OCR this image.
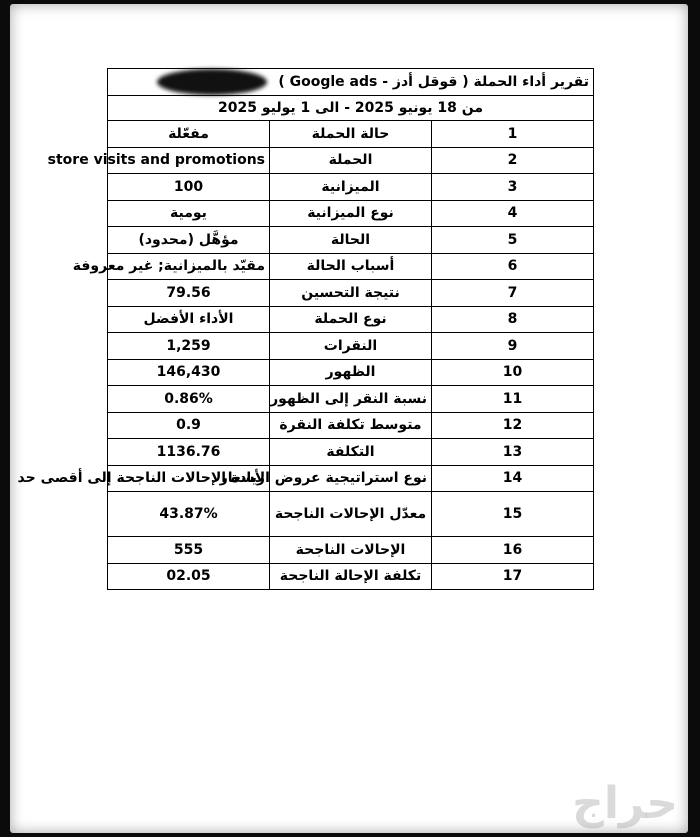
تقرير أداء الحملة ( قوقل أدز - Google ads )		
من 18 يونيو 2025 - الى 1 يوليو 2025		
1	حالة الحملة	مفعّلة
2	الحملة	store visits and promotions
3	الميزانية	100
4	نوع الميزانية	يومية
5	الحالة	مؤهَّل (محدود)
6	أسباب الحالة	مقيّد بالميزانية; غير معروفة
7	نتيجة التحسين	79.56
8	نوع الحملة	الأداء الأفضل
9	النقرات	1,259
10	الظهور	146,430
11	نسبة النقر إلى الظهور	0.86%
12	متوسط تكلفة النقرة	0.9
13	التكلفة	1136.76
14	نوع استراتيجية عروض الأسعار	زيادة الإحالات الناجحة إلى أقصى حد
15	معدّل الإحالات الناجحة	43.87%
16	الإحالات الناجحة	555
17	تكلفة الإحالة الناجحة	02.05
حراج
